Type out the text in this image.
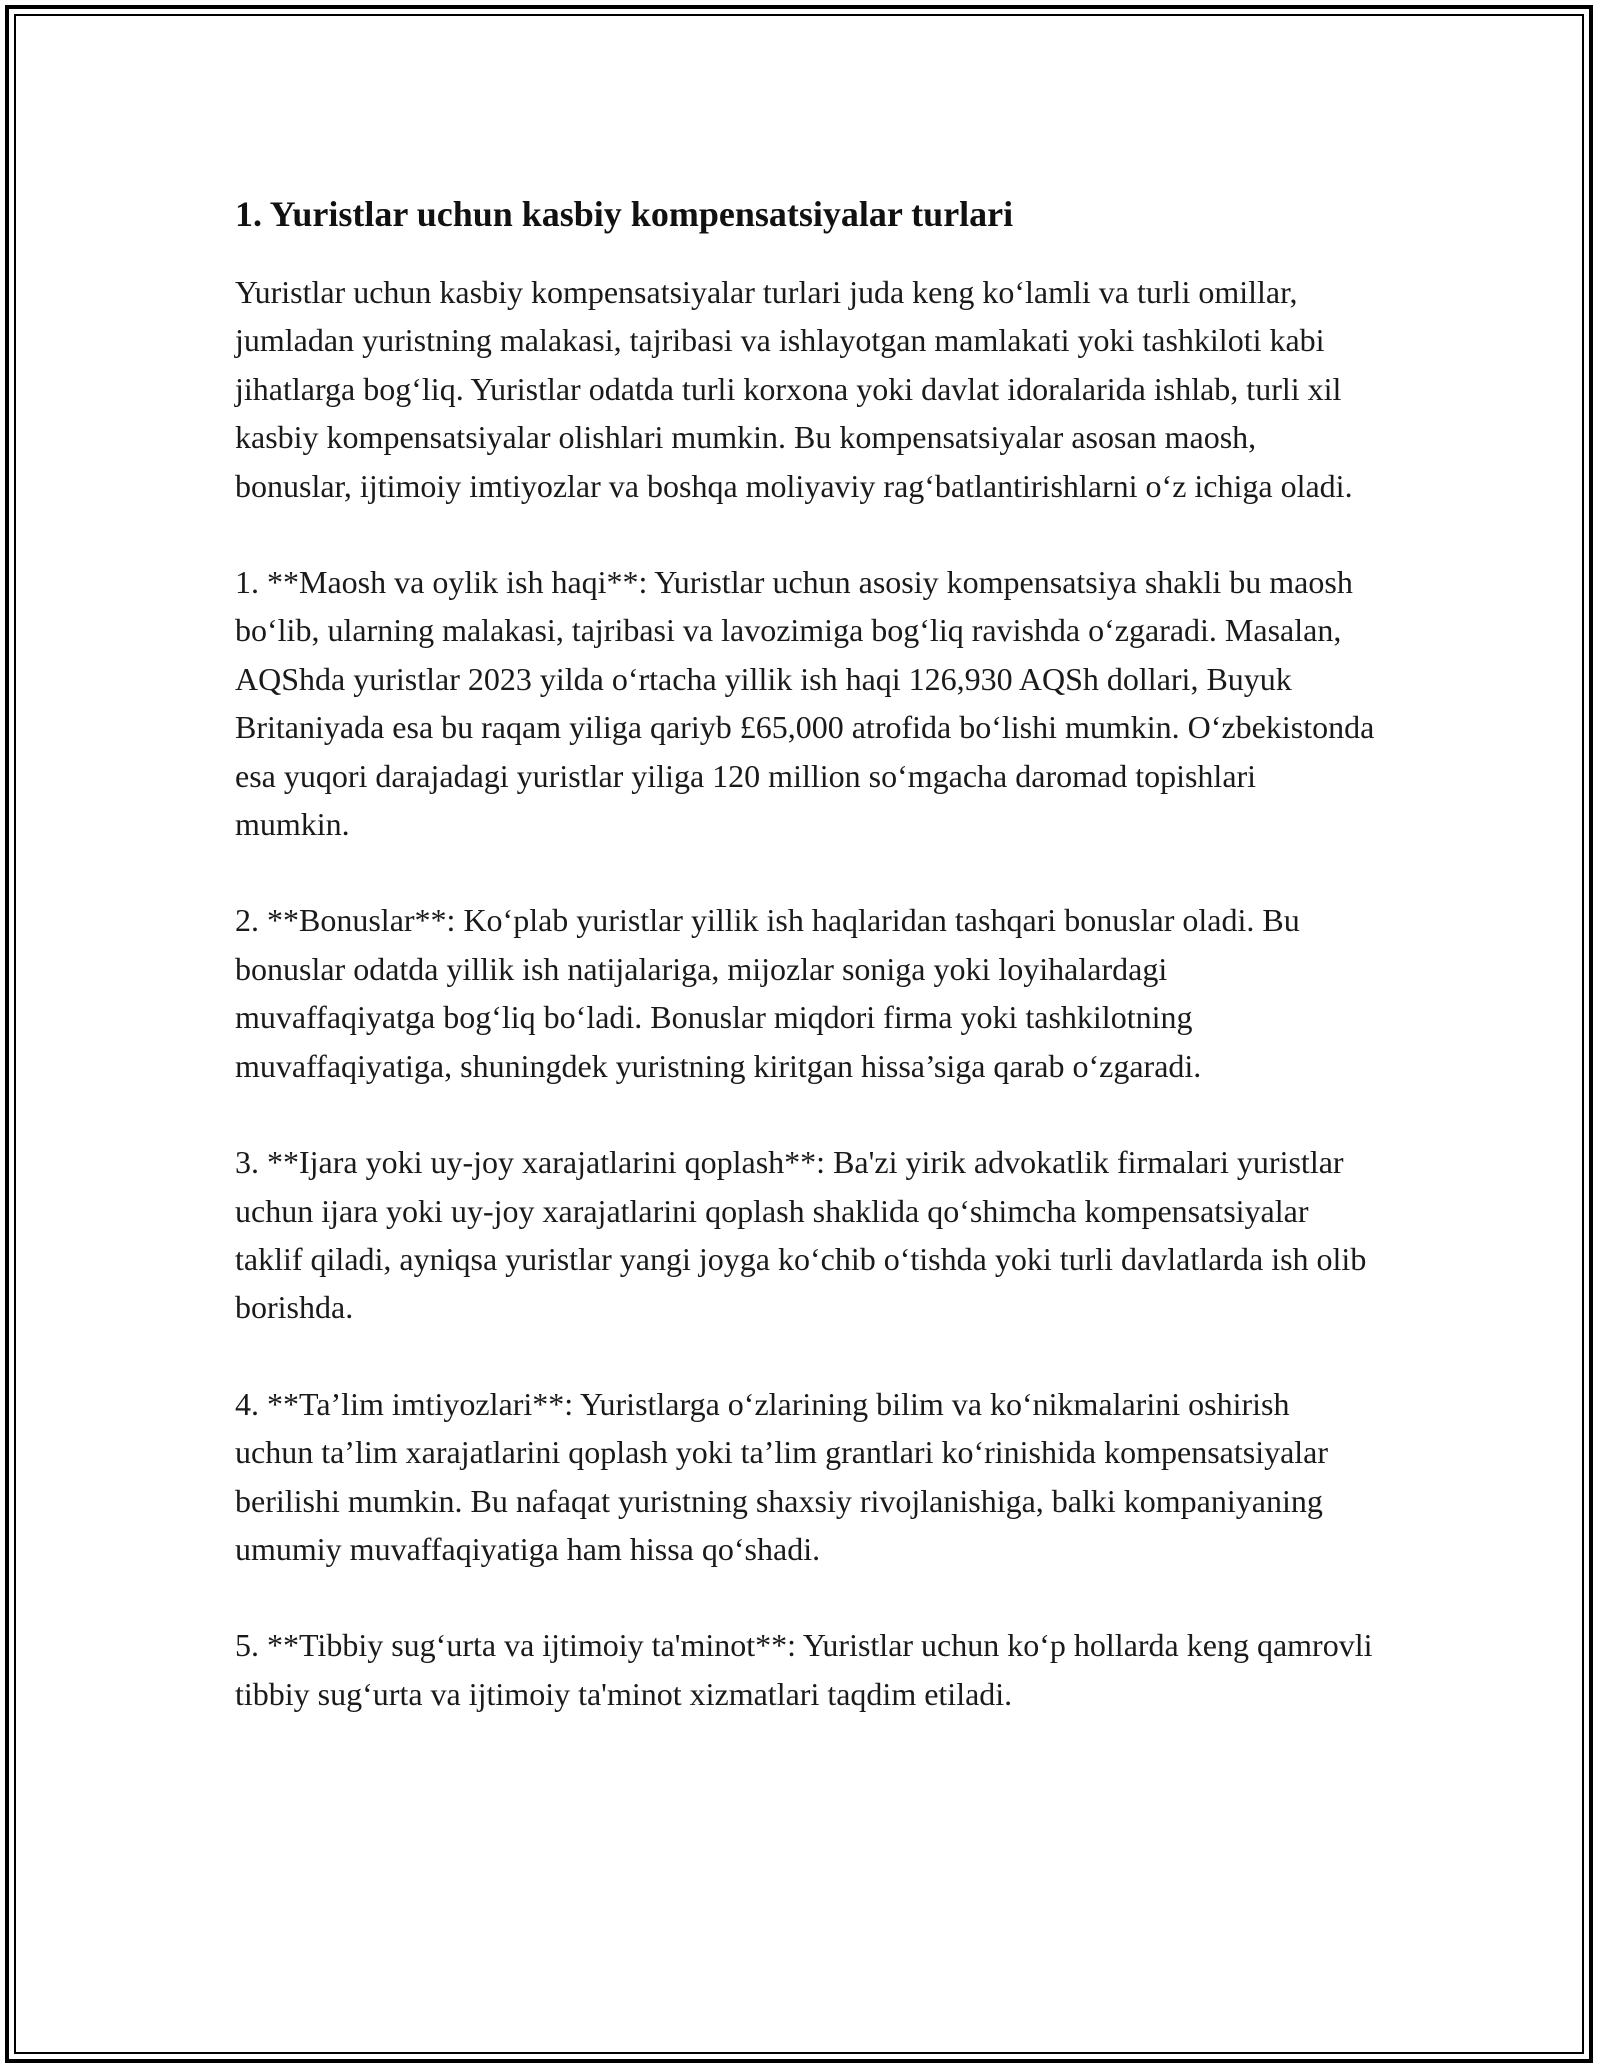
1. Yuristlar uchun kasbiy kompensatsiyalar turlari

Yuristlar uchun kasbiy kompensatsiyalar turlari juda keng ko‘lamli va turli omillar, jumladan yuristning malakasi, tajribasi va ishlayotgan mamlakati yoki tashkiloti kabi jihatlarga bog‘liq. Yuristlar odatda turli korxona yoki davlat idoralarida ishlab, turli xil kasbiy kompensatsiyalar olishlari mumkin. Bu kompensatsiyalar asosan maosh, bonuslar, ijtimoiy imtiyozlar va boshqa moliyaviy rag‘batlantirishlarni o‘z ichiga oladi.

1. **Maosh va oylik ish haqi**: Yuristlar uchun asosiy kompensatsiya shakli bu maosh bo‘lib, ularning malakasi, tajribasi va lavozimiga bog‘liq ravishda o‘zgaradi. Masalan, AQShda yuristlar 2023 yilda o‘rtacha yillik ish haqi 126,930 AQSh dollari, Buyuk Britaniyada esa bu raqam yiliga qariyb £65,000 atrofida bo‘lishi mumkin. O‘zbekistonda esa yuqori darajadagi yuristlar yiliga 120 million so‘mgacha daromad topishlari mumkin.

2. **Bonuslar**: Ko‘plab yuristlar yillik ish haqlaridan tashqari bonuslar oladi. Bu bonuslar odatda yillik ish natijalariga, mijozlar soniga yoki loyihalardagi muvaffaqiyatga bog‘liq bo‘ladi. Bonuslar miqdori firma yoki tashkilotning muvaffaqiyatiga, shuningdek yuristning kiritgan hissa’siga qarab o‘zgaradi.

3. **Ijara yoki uy-joy xarajatlarini qoplash**: Ba'zi yirik advokatlik firmalari yuristlar uchun ijara yoki uy-joy xarajatlarini qoplash shaklida qo‘shimcha kompensatsiyalar taklif qiladi, ayniqsa yuristlar yangi joyga ko‘chib o‘tishda yoki turli davlatlarda ish olib borishda.

4. **Ta’lim imtiyozlari**: Yuristlarga o‘zlarining bilim va ko‘nikmalarini oshirish uchun ta’lim xarajatlarini qoplash yoki ta’lim grantlari ko‘rinishida kompensatsiyalar berilishi mumkin. Bu nafaqat yuristning shaxsiy rivojlanishiga, balki kompaniyaning umumiy muvaffaqiyatiga ham hissa qo‘shadi.

5. **Tibbiy sug‘urta va ijtimoiy ta'minot**: Yuristlar uchun ko‘p hollarda keng qamrovli tibbiy sug‘urta va ijtimoiy ta'minot xizmatlari taqdim etiladi.
